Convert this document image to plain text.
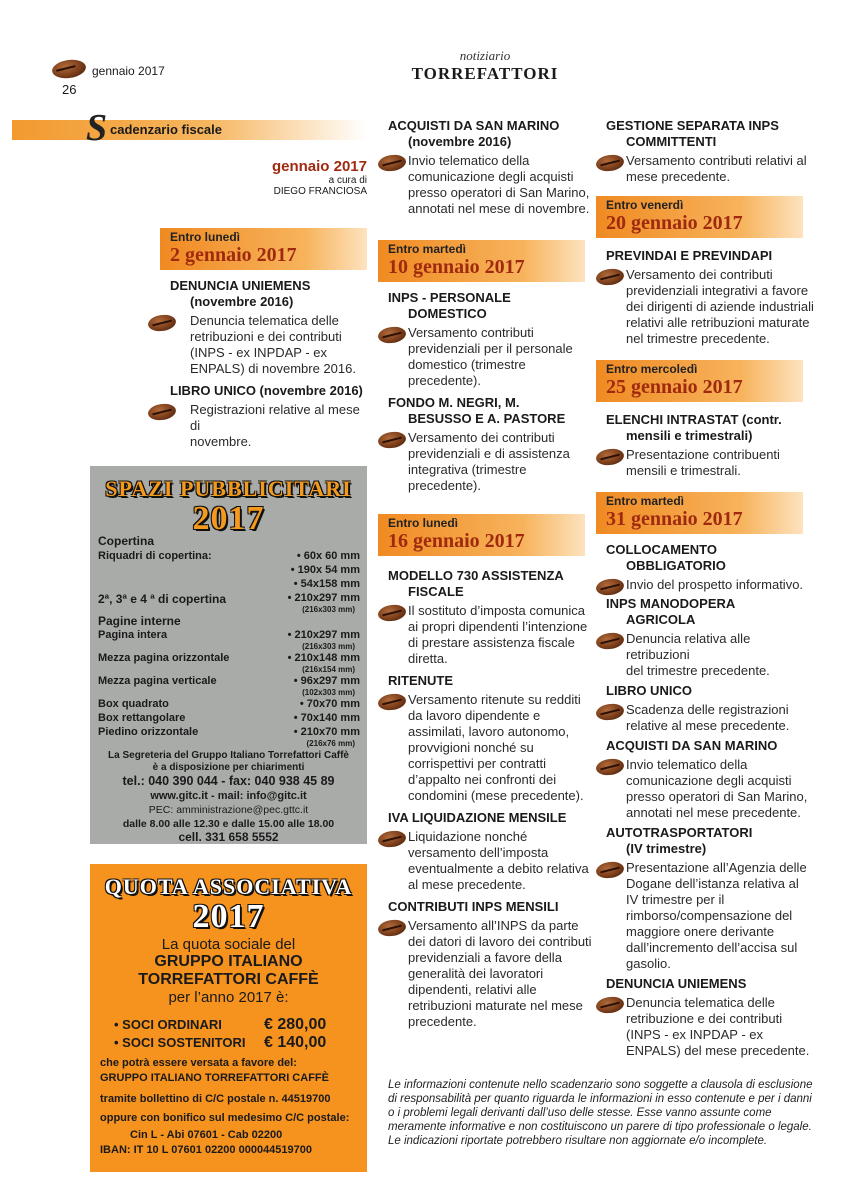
gennaio 2017
26
notiziario
TORREFATTORI
S cadenzario fiscale
gennaio 2017
a cura di
DIEGO FRANCIOSA
Entro lunedì
2 gennaio 2017
DENUNCIA UNIEMENS
(novembre 2016)
Denuncia telematica delle
retribuzioni e dei contributi
(INPS - ex INPDAP - ex
ENPALS) di novembre 2016.
LIBRO UNICO (novembre 2016)
Registrazioni relative al mese di
novembre.
SPAZI PUBBLICITARI
2017
Copertina
Riquadri di copertina:	• 60x 60 mm
• 190x 54 mm
• 54x158 mm
2ª, 3ª e 4 ª di copertina	• 210x297 mm
(216x303 mm)
Pagine interne
Pagina intera	• 210x297 mm
(216x303 mm)
Mezza pagina orizzontale	• 210x148 mm
(216x154 mm)
Mezza pagina verticale	• 96x297 mm
(102x303 mm)
Box quadrato	• 70x70 mm
Box rettangolare	• 70x140 mm
Piedino orizzontale	• 210x70 mm
(216x76 mm)
La Segreteria del Gruppo Italiano Torrefattori Caffè
è a disposizione per chiarimenti
tel.: 040 390 044 - fax: 040 938 45 89
www.gitc.it - mail: info@gitc.it
PEC: amministrazione@pec.gttc.it
dalle 8.00 alle 12.30 e dalle 15.00 alle 18.00
cell. 331 658 5552
QUOTA ASSOCIATIVA
2017
La quota sociale del
GRUPPO ITALIANO
TORREFATTORI CAFFÈ
per l’anno 2017 è:
• SOCI ORDINARI	€ 280,00
• SOCI SOSTENITORI	€ 140,00
che potrà essere versata a favore del:
GRUPPO ITALIANO TORREFATTORI CAFFÈ
tramite bollettino di C/C postale n. 44519700
oppure con bonifico sul medesimo C/C postale:
Cin L - Abi 07601 - Cab 02200
IBAN: IT 10 L 07601 02200 000044519700
ACQUISTI DA SAN MARINO
(novembre 2016)
Invio telematico della
comunicazione degli acquisti
presso operatori di San Marino,
annotati nel mese di novembre.
Entro martedì
10 gennaio 2017
INPS - PERSONALE
DOMESTICO
Versamento contributi
previdenziali per il personale
domestico (trimestre
precedente).
FONDO M. NEGRI, M.
BESUSSO E A. PASTORE
Versamento dei contributi
previdenziali e di assistenza
integrativa (trimestre
precedente).
Entro lunedì
16 gennaio 2017
MODELLO 730 ASSISTENZA
FISCALE
Il sostituto d’imposta comunica
ai propri dipendenti l’intenzione
di prestare assistenza fiscale
diretta.
RITENUTE
Versamento ritenute su redditi
da lavoro dipendente e
assimilati, lavoro autonomo,
provvigioni nonché su
corrispettivi per contratti
d’appalto nei confronti dei
condomini (mese precedente).
IVA LIQUIDAZIONE MENSILE
Liquidazione nonché
versamento dell’imposta
eventualmente a debito relativa
al mese precedente.
CONTRIBUTI INPS MENSILI
Versamento all’INPS da parte
dei datori di lavoro dei contributi
previdenziali a favore della
generalità dei lavoratori
dipendenti, relativi alle
retribuzioni maturate nel mese
precedente.
GESTIONE SEPARATA INPS
COMMITTENTI
Versamento contributi relativi al
mese precedente.
Entro venerdì
20 gennaio 2017
PREVINDAI E PREVINDAPI
Versamento dei contributi
previdenziali integrativi a favore
dei dirigenti di aziende industriali
relativi alle retribuzioni maturate
nel trimestre precedente.
Entro mercoledì
25 gennaio 2017
ELENCHI INTRASTAT (contr.
mensili e trimestrali)
Presentazione contribuenti
mensili e trimestrali.
Entro martedì
31 gennaio 2017
COLLOCAMENTO
OBBLIGATORIO
Invio del prospetto informativo.
INPS MANODOPERA
AGRICOLA
Denuncia relativa alle retribuzioni
del trimestre precedente.
LIBRO UNICO
Scadenza delle registrazioni
relative al mese precedente.
ACQUISTI DA SAN MARINO
Invio telematico della
comunicazione degli acquisti
presso operatori di San Marino,
annotati nel mese precedente.
AUTOTRASPORTATORI
(IV trimestre)
Presentazione all’Agenzia delle
Dogane dell’istanza relativa al
IV trimestre per il
rimborso/compensazione del
maggiore onere derivante
dall’incremento dell’accisa sul
gasolio.
DENUNCIA UNIEMENS
Denuncia telematica delle
retribuzione e dei contributi
(INPS - ex INPDAP - ex
ENPALS) del mese precedente.
Le informazioni contenute nello scadenzario sono soggette a clausola di esclusione
di responsabilità per quanto riguarda le informazioni in esso contenute e per i danni
o i problemi legali derivanti dall’uso delle stesse. Esse vanno assunte come
meramente informative e non costituiscono un parere di tipo professionale o legale.
Le indicazioni riportate potrebbero risultare non aggiornate e/o incomplete.
